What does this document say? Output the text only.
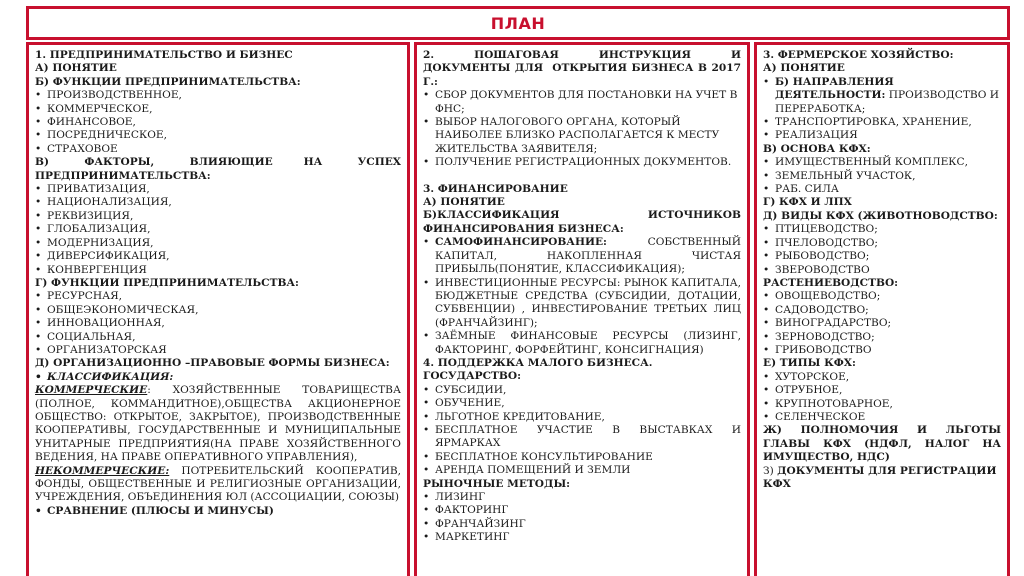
ПЛАН

1. ПРЕДПРИНИМАТЕЛЬСТВО И БИЗНЕС

А) ПОНЯТИЕ

Б) ФУНКЦИИ ПРЕДПРИНИМАТЕЛЬСТВА:

• ПРОИЗВОДСТВЕННОЕ,
• КОММЕРЧЕСКОЕ,
• ФИНАНСОВОЕ,
• ПОСРЕДНИЧЕСКОЕ,
• СТРАХОВОЕ

В)        ФАКТОРЫ,        ВЛИЯЮЩИЕ       НА        УСПЕХ

ПРЕДПРИНИМАТЕЛЬСТВА:

• ПРИВАТИЗАЦИЯ,
• НАЦИОНАЛИЗАЦИЯ,
• РЕКВИЗИЦИЯ,
• ГЛОБАЛИЗАЦИЯ,
• МОДЕРНИЗАЦИЯ,
• ДИВЕРСИФИКАЦИЯ,
• КОНВЕРГЕНЦИЯ

Г) ФУНКЦИИ ПРЕДПРИНИМАТЕЛЬСТВА:

• РЕСУРСНАЯ,
• ОБЩЕЭКОНОМИЧЕСКАЯ,
• ИННОВАЦИОННАЯ,
• СОЦИАЛЬНАЯ,
• ОРГАНИЗАТОРСКАЯ

Д) ОРГАНИЗАЦИОННО –ПРАВОВЫЕ ФОРМЫ БИЗНЕСА:

• КЛАССИФИКАЦИЯ:

КОММЕРЧЕСКИЕ: ХОЗЯЙСТВЕННЫЕ ТОВАРИЩЕСТВА (ПОЛНОЕ, КОММАНДИТНОЕ),ОБЩЕСТВА АКЦИОНЕРНОЕ ОБЩЕСТВО: ОТКРЫТОЕ, ЗАКРЫТОЕ), ПРОИЗВОДСТВЕННЫЕ КООПЕРАТИВЫ, ГОСУДАРСТВЕННЫЕ И МУНИЦИПАЛЬНЫЕ УНИТАРНЫЕ ПРЕДПРИЯТИЯ(НА ПРАВЕ ХОЗЯЙСТВЕННОГО ВЕДЕНИЯ, НА ПРАВЕ ОПЕРАТИВНОГО УПРАВЛЕНИЯ),

НЕКОММЕРЧЕСКИЕ: ПОТРЕБИТЕЛЬСКИЙ КООПЕРАТИВ, ФОНДЫ, ОБЩЕСТВЕННЫЕ И РЕЛИГИОЗНЫЕ ОРГАНИЗАЦИИ, УЧРЕЖДЕНИЯ, ОБЪЕДИНЕНИЯ ЮЛ (АССОЦИАЦИИ, СОЮЗЫ)

• СРАВНЕНИЕ (ПЛЮСЫ И МИНУСЫ)

2.   ПОШАГОВАЯ   ИНСТРУКЦИЯ   И   ДОКУМЕНТЫ ДЛЯ  ОТКРЫТИЯ БИЗНЕСА В 2017 Г.:

• СБОР ДОКУМЕНТОВ ДЛЯ ПОСТАНОВКИ НА УЧЕТ В ФНС;
• ВЫБОР НАЛОГОВОГО ОРГАНА, КОТОРЫЙ НАИБОЛЕЕ БЛИЗКО РАСПОЛАГАЕТСЯ К МЕСТУ ЖИТЕЛЬСТВА ЗАЯВИТЕЛЯ;
• ПОЛУЧЕНИЕ РЕГИСТРАЦИОННЫХ ДОКУМЕНТОВ.

3. ФИНАНСИРОВАНИЕ

А) ПОНЯТИЕ

Б)КЛАССИФИКАЦИЯ                 ИСТОЧНИКОВ ФИНАНСИРОВАНИЯ БИЗНЕСА:

• САМОФИНАНСИРОВАНИЕ: СОБСТВЕННЫЙ КАПИТАЛ, НАКОПЛЕННАЯ ЧИСТАЯ ПРИБЫЛЬ(ПОНЯТИЕ, КЛАССИФИКАЦИЯ);
• ИНВЕСТИЦИОННЫЕ РЕСУРСЫ: РЫНОК КАПИТАЛА, БЮДЖЕТНЫЕ СРЕДСТВА (СУБСИДИИ, ДОТАЦИИ, СУБВЕНЦИИ) , ИНВЕСТИРОВАНИЕ ТРЕТЬИХ ЛИЦ (ФРАНЧАЙЗИНГ);
• ЗАЁМНЫЕ ФИНАНСОВЫЕ РЕСУРСЫ (ЛИЗИНГ, ФАКТОРИНГ, ФОРФЕЙТИНГ, КОНСИГНАЦИЯ)

4. ПОДДЕРЖКА МАЛОГО БИЗНЕСА.

ГОСУДАРСТВО:

• СУБСИДИИ,
• ОБУЧЕНИЕ,
• ЛЬГОТНОЕ КРЕДИТОВАНИЕ,
• БЕСПЛАТНОЕ УЧАСТИЕ В ВЫСТАВКАХ И ЯРМАРКАХ
• БЕСПЛАТНОЕ КОНСУЛЬТИРОВАНИЕ
• АРЕНДА ПОМЕЩЕНИЙ И ЗЕМЛИ

РЫНОЧНЫЕ МЕТОДЫ:

• ЛИЗИНГ
• ФАКТОРИНГ
• ФРАНЧАЙЗИНГ
• МАРКЕТИНГ

3. ФЕРМЕРСКОЕ ХОЗЯЙСТВО:

А) ПОНЯТИЕ

• Б) НАПРАВЛЕНИЯ ДЕЯТЕЛЬНОСТИ: ПРОИЗВОДСТВО И ПЕРЕРАБОТКА;
• ТРАНСПОРТИРОВКА, ХРАНЕНИЕ,
• РЕАЛИЗАЦИЯ

В) ОСНОВА КФХ:

• ИМУЩЕСТВЕННЫЙ КОМПЛЕКС,
• ЗЕМЕЛЬНЫЙ УЧАСТОК,
• РАБ. СИЛА

Г) КФХ И ЛПХ

Д) ВИДЫ КФХ (ЖИВОТНОВОДСТВО:

• ПТИЦЕВОДСТВО;
• ПЧЕЛОВОДСТВО;
• РЫБОВОДСТВО;
• ЗВЕРОВОДСТВО

РАСТЕНИЕВОДСТВО:

• ОВОЩЕВОДСТВО;
• САДОВОДСТВО;
• ВИНОГРАДАРСТВО;
• ЗЕРНОВОДСТВО;
• ГРИБОВОДСТВО

Е) ТИПЫ КФХ:

• ХУТОРСКОЕ,
• ОТРУБНОЕ,
• КРУПНОТОВАРНОЕ,
• СЕЛЕНЧЕСКОЕ

Ж) ПОЛНОМОЧИЯ И ЛЬГОТЫ ГЛАВЫ КФХ (НДФЛ, НАЛОГ НА ИМУЩЕСТВО, НДС)

З) ДОКУМЕНТЫ ДЛЯ РЕГИСТРАЦИИ КФХ
